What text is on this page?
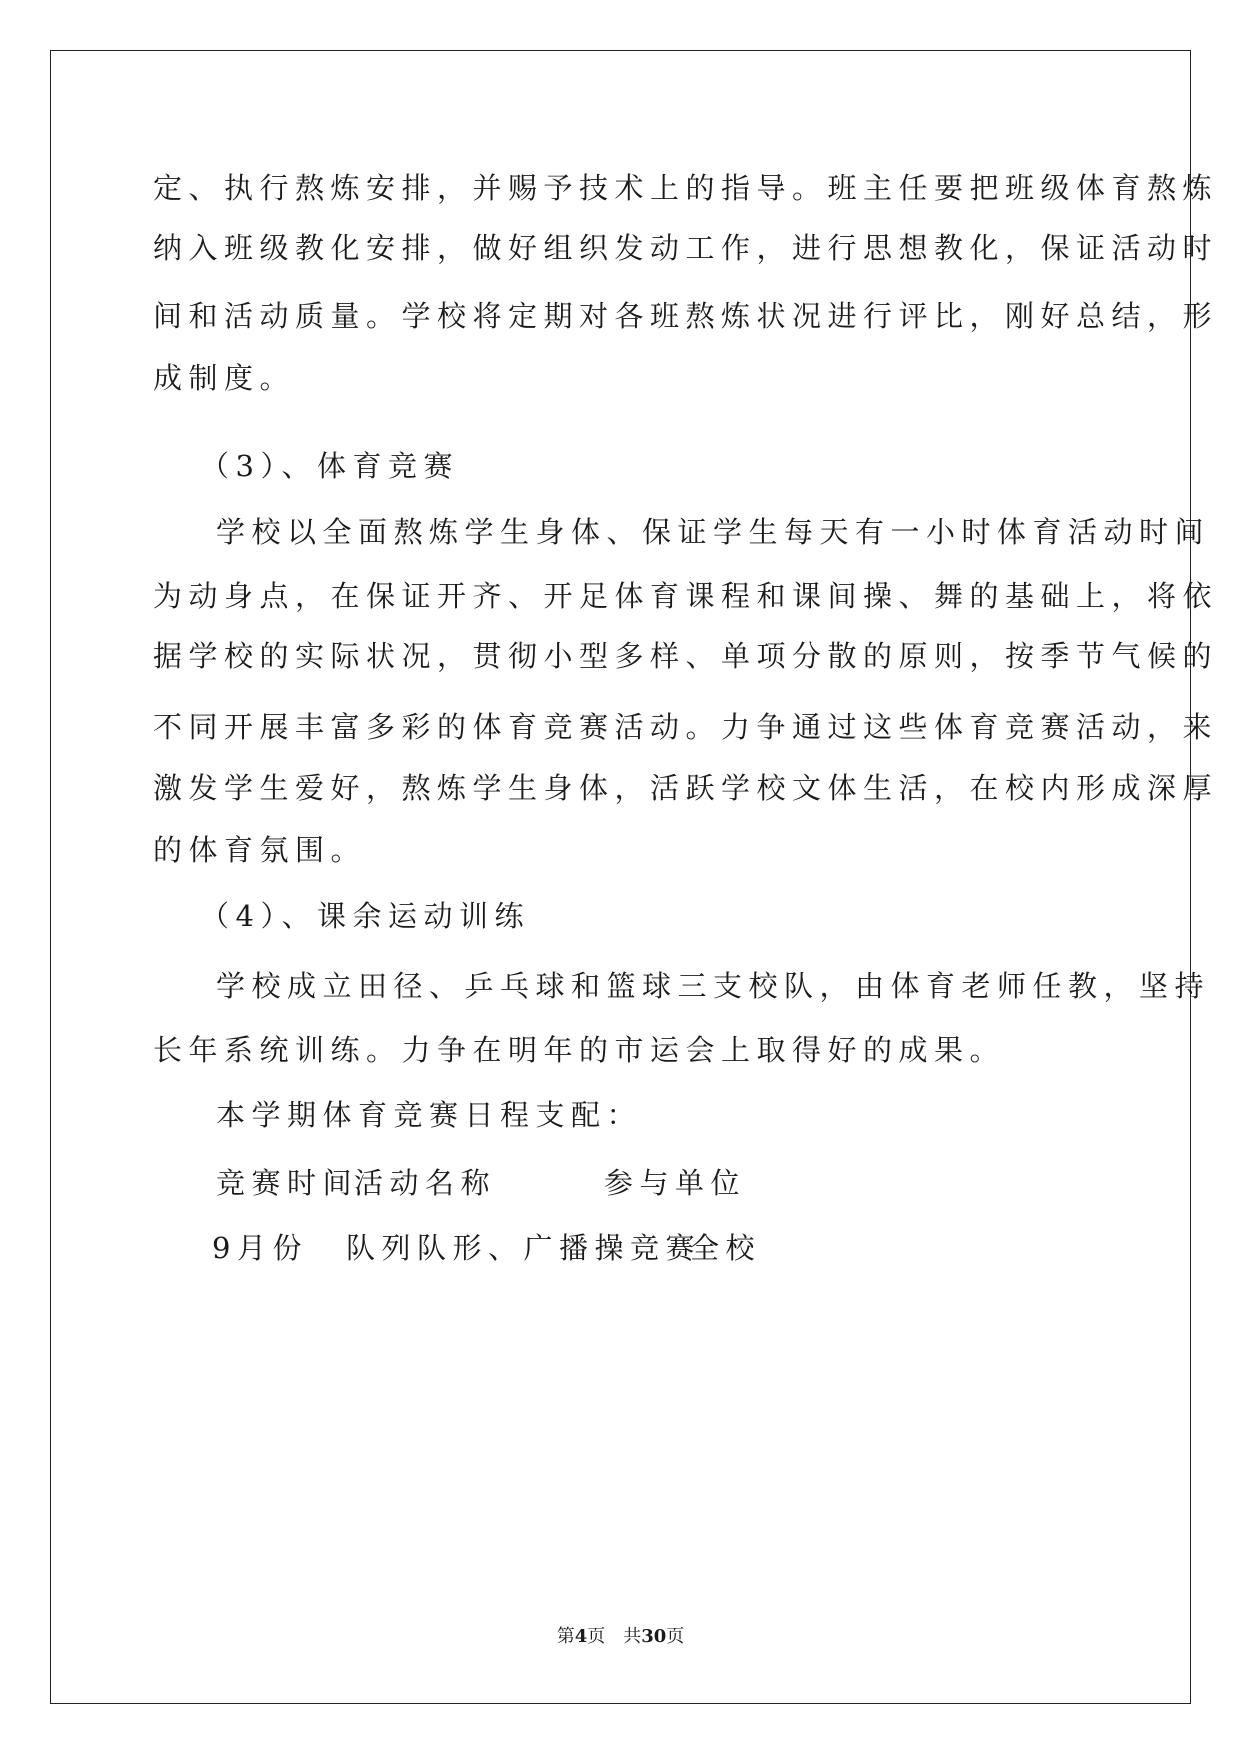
定、执行熬炼安排，并赐予技术上的指导。班主任要把班级体育熬炼
纳入班级教化安排，做好组织发动工作，进行思想教化，保证活动时
间和活动质量。学校将定期对各班熬炼状况进行评比，刚好总结，形
成制度。
（3）、体育竞赛
学校以全面熬炼学生身体、保证学生每天有一小时体育活动时间
为动身点，在保证开齐、开足体育课程和课间操、舞的基础上，将依
据学校的实际状况，贯彻小型多样、单项分散的原则，按季节气候的
不同开展丰富多彩的体育竞赛活动。力争通过这些体育竞赛活动，来
激发学生爱好，熬炼学生身体，活跃学校文体生活，在校内形成深厚
的体育氛围。
（4）、课余运动训练
学校成立田径、乒乓球和篮球三支校队，由体育老师任教，坚持
长年系统训练。力争在明年的市运会上取得好的成果。
本学期体育竞赛日程支配：
竞赛时间
活动名称	参与单位
9月份 队列队形、广播操竞赛
全校
第4页　共30页
